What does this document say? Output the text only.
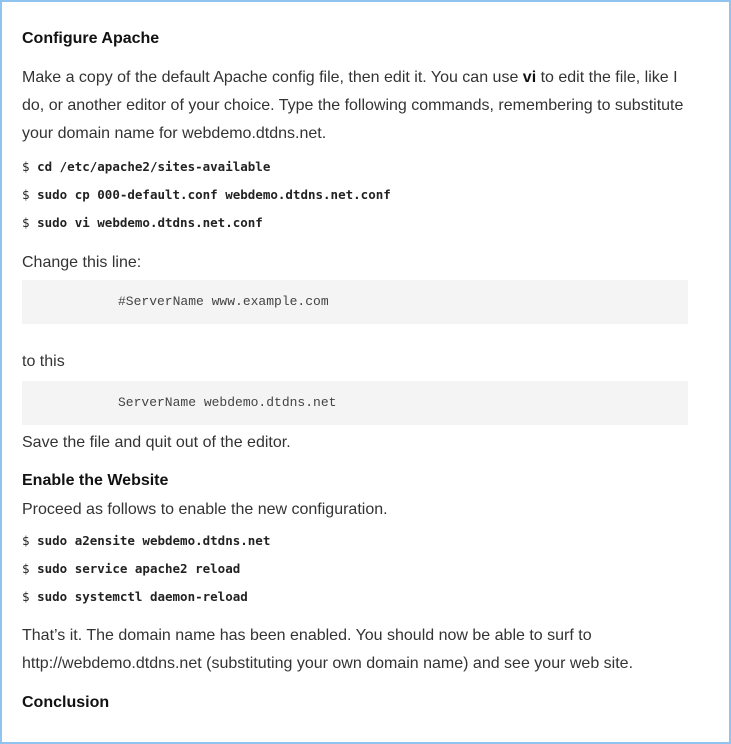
Configure Apache
Make a copy of the default Apache config file, then edit it. You can use vi to edit the file, like I do, or another editor of your choice. Type the following commands, remembering to substitute your domain name for webdemo.dtdns.net.
$ cd /etc/apache2/sites-available
$ sudo cp 000-default.conf webdemo.dtdns.net.conf
$ sudo vi webdemo.dtdns.net.conf
Change this line:
#ServerName www.example.com
to this
ServerName webdemo.dtdns.net
Save the file and quit out of the editor.
Enable the Website
Proceed as follows to enable the new configuration.
$ sudo a2ensite webdemo.dtdns.net
$ sudo service apache2 reload
$ sudo systemctl daemon-reload
That’s it. The domain name has been enabled. You should now be able to surf to http://webdemo.dtdns.net (substituting your own domain name) and see your web site.
Conclusion
